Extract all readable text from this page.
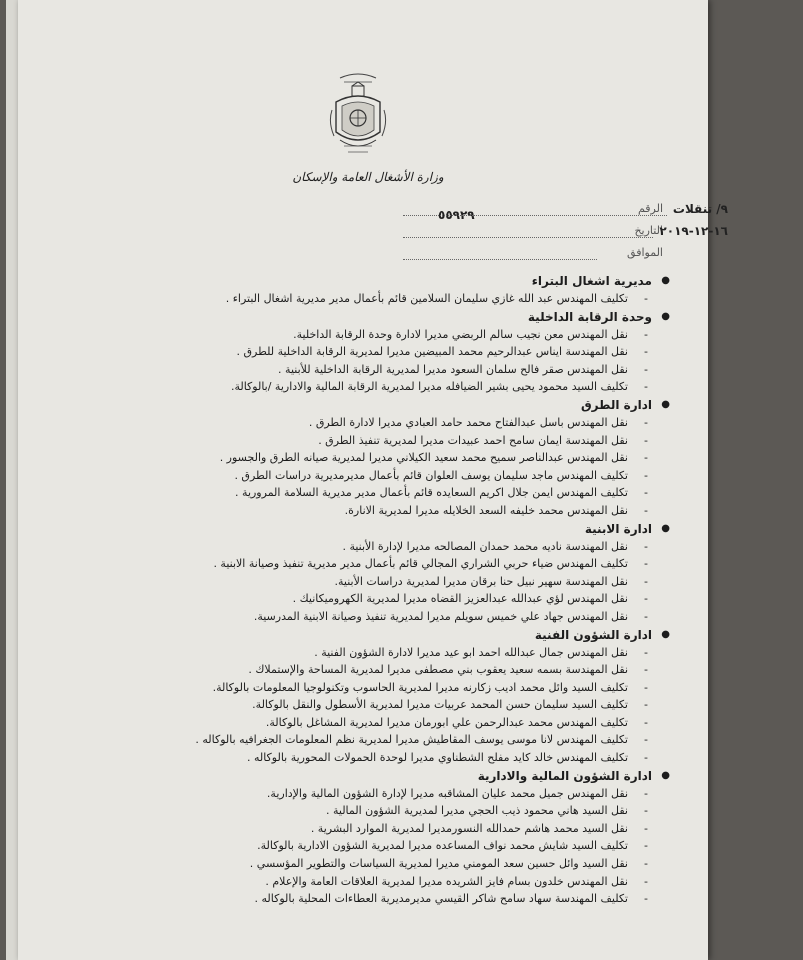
وزارة الأشغال العامة والإسكان
٥٥٩٢٩	الرقم ٩/ تنقلات
التاريخ
١٦-١٢-٢٠١٩
الموافق
●
مديرية اشغال البتراء
-
تكليف المهندس عبد الله غازي سليمان السلامين قائم بأعمال مدير مديرية اشغال البتراء .
●
وحدة الرقابة الداخلية
-
نقل المهندس معن نجيب سالم الربضي مديرا لادارة وحدة الرقابة الداخلية.
-
نقل المهندسة ايناس عبدالرحيم محمد المبيضين مديرا لمديرية الرقابة الداخلية للطرق .
-
نقل المهندس صقر فالح سلمان السعود مديرا لمديرية الرقابة الداخلية للأبنية .
-
تكليف السيد محمود يحيى بشير الضيافله مديرا لمديرية الرقابة المالية والادارية /بالوكالة.
●
ادارة الطرق
-
نقل المهندس باسل عبدالفتاح محمد حامد العبادي مديرا لادارة الطرق .
-
نقل المهندسة ايمان سامح احمد عبيدات مديرا لمديرية تنفيذ الطرق .
-
نقل المهندس عبدالناصر سميح محمد سعيد الكيلاني مديرا لمديرية صيانه الطرق والجسور .
-
تكليف المهندس ماجد سليمان يوسف العلوان قائم بأعمال مديرمديرية دراسات الطرق .
-
تكليف المهندس ايمن جلال اكريم السعايده قائم بأعمال مدير مديرية السلامة المرورية .
-
نقل المهندس محمد خليفه السعد الخلايله مديرا لمديرية الانارة.
●
ادارة الابنية
-
نقل المهندسة ناديه محمد حمدان المصالحه مديرا لإدارة الأبنية .
-
تكليف المهندس ضياء حربي الشراري المجالي قائم بأعمال مدير مديرية تنفيذ وصيانة الابنية .
-
نقل المهندسة سهير نبيل حنا برقان مديرا لمديرية دراسات الأبنية.
-
نقل المهندس لؤي عبدالله عبدالعزيز القضاه مديرا لمديرية الكهروميكانيك .
-
نقل المهندس جهاد علي خميس سويلم مديرا لمديرية تنفيذ وصيانة الابنية المدرسية.
●
ادارة الشؤون الفنية
-
نقل المهندس جمال عبدالله احمد ابو عيد مديرا لادارة الشؤون الفنية .
-
نقل المهندسة بسمه سعيد يعقوب بني مصطفى مديرا لمديرية المساحة والإستملاك .
-
تكليف السيد وائل محمد اديب زكارنه مديرا لمديرية الحاسوب وتكنولوجيا المعلومات بالوكالة.
-
تكليف السيد سليمان حسن المحمد عربيات مديرا لمديرية الأسطول والنقل بالوكالة.
-
تكليف المهندس محمد عبدالرحمن علي ابورمان مديرا لمديرية المشاغل بالوكالة.
-
تكليف المهندس لانا موسى يوسف المقاطيش مديرا لمديرية نظم المعلومات الجغرافيه بالوكاله .
-
تكليف المهندس خالد كايد مفلح الشطناوي مديرا لوحدة الحمولات المحورية بالوكاله .
●
ادارة الشؤون المالية والادارية
-
نقل المهندس جميل محمد عليان المشاقبه مديرا لإدارة الشؤون المالية والإدارية.
-
نقل السيد هاني محمود ذيب الحجي مديرا لمديرية الشؤون المالية .
-
نقل السيد محمد هاشم حمدالله النسورمديرا لمديرية الموارد البشرية .
-
تكليف السيد شايش محمد نواف المساعده مديرا لمديرية الشؤون الادارية بالوكالة.
-
نقل السيد وائل حسين سعد المومني مديرا لمديرية السياسات والتطوير المؤسسي .
-
نقل المهندس خلدون بسام فايز الشريده مديرا لمديرية العلاقات العامة والإعلام .
-
تكليف المهندسة سهاد سامح شاكر القيسي مديرمديرية العطاءات المحلية بالوكاله .
